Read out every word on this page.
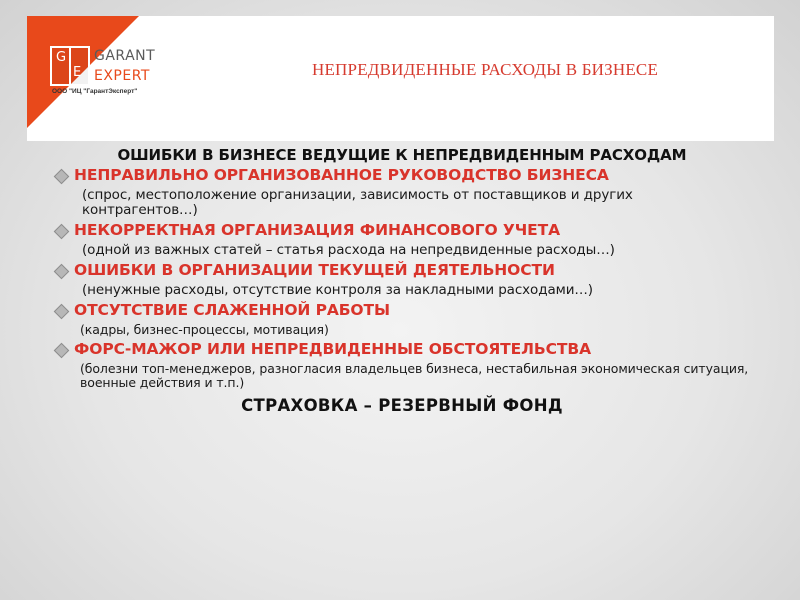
G
E
GARANT
EXPERT
ООО "ИЦ "ГарантЭксперт"
НЕПРЕДВИДЕННЫЕ РАСХОДЫ В БИЗНЕСЕ
ОШИБКИ В БИЗНЕСЕ ВЕДУЩИЕ К НЕПРЕДВИДЕННЫМ РАСХОДАМ
НЕПРАВИЛЬНО ОРГАНИЗОВАННОЕ РУКОВОДСТВО БИЗНЕСА
(спрос, местоположение организации, зависимость от поставщиков и других контрагентов…)
НЕКОРРЕКТНАЯ ОРГАНИЗАЦИЯ ФИНАНСОВОГО УЧЕТА
(одной из важных статей – статья расхода на непредвиденные расходы…)
ОШИБКИ В ОРГАНИЗАЦИИ ТЕКУЩЕЙ ДЕЯТЕЛЬНОСТИ
(ненужные расходы, отсутствие контроля за накладными расходами…)
ОТСУТСТВИЕ СЛАЖЕННОЙ РАБОТЫ
(кадры, бизнес-процессы, мотивация)
ФОРС-МАЖОР ИЛИ НЕПРЕДВИДЕННЫЕ ОБСТОЯТЕЛЬСТВА
(болезни топ-менеджеров, разногласия владельцев бизнеса, нестабильная экономическая ситуация, военные действия и т.п.)
СТРАХОВКА – РЕЗЕРВНЫЙ ФОНД
